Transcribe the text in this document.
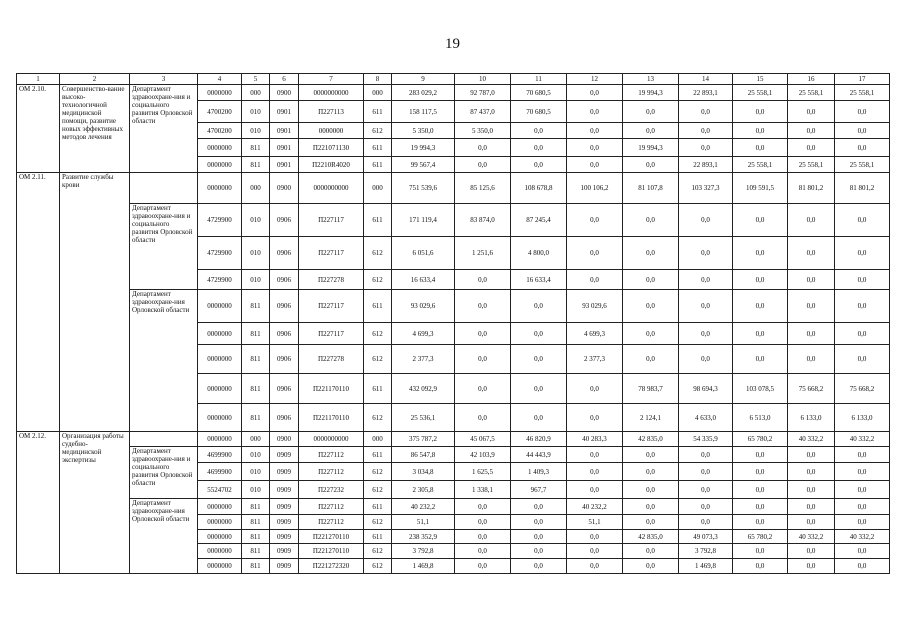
19
1	2	3	4	5	6	7	8	9	10	11	12	13	14	15	16	17
ОМ 2.10.	Совершенство-вание высоко-технологичной медицинской помощи, развитие новых эффективных методов лечения	Департамент здравоохране-ния и социального развития Орловской области	0000000	000	0900	0000000000	000	283 029,2	92 787,0	70 680,5	0,0	19 994,3	22 893,1	25 558,1	25 558,1	25 558,1
			4700200	010	0901	П227113	611	158 117,5	87 437,0	70 680,5	0,0	0,0	0,0	0,0	0,0	0,0
			4700200	010	0901	0000000	612	5 350,0	5 350,0	0,0	0,0	0,0	0,0	0,0	0,0	0,0
			0000000	811	0901	П221071130	611	19 994,3	0,0	0,0	0,0	19 994,3	0,0	0,0	0,0	0,0
			0000000	811	0901	П2210R4020	611	99 567,4	0,0	0,0	0,0	0,0	22 893,1	25 558,1	25 558,1	25 558,1
ОМ 2.11.	Развитие службы крови		0000000	000	0900	0000000000	000	751 539,6	85 125,6	108 678,8	100 106,2	81 107,8	103 327,3	109 591,5	81 801,2	81 801,2
		Департамент здравоохране-ния и социального развития Орловской области	4729900	010	0906	П227117	611	171 119,4	83 874,0	87 245,4	0,0	0,0	0,0	0,0	0,0	0,0
			4729900	010	0906	П227117	612	6 051,6	1 251,6	4 800,0	0,0	0,0	0,0	0,0	0,0	0,0
			4729900	010	0906	П227278	612	16 633,4	0,0	16 633,4	0,0	0,0	0,0	0,0	0,0	0,0
		Департамент здравоохране-ния Орловской области	0000000	811	0906	П227117	611	93 029,6	0,0	0,0	93 029,6	0,0	0,0	0,0	0,0	0,0
			0000000	811	0906	П227117	612	4 699,3	0,0	0,0	4 699,3	0,0	0,0	0,0	0,0	0,0
			0000000	811	0906	П227278	612	2 377,3	0,0	0,0	2 377,3	0,0	0,0	0,0	0,0	0,0
			0000000	811	0906	П221170110	611	432 092,9	0,0	0,0	0,0	78 983,7	98 694,3	103 078,5	75 668,2	75 668,2
			0000000	811	0906	П221170110	612	25 536,1	0,0	0,0	0,0	2 124,1	4 633,0	6 513,0	6 133,0	6 133,0
ОМ 2.12.	Организация работы судебно-медицинской экспертизы		0000000	000	0900	0000000000	000	375 787,2	45 067,5	46 820,9	40 283,3	42 835,0	54 335,9	65 780,2	40 332,2	40 332,2
		Департамент здравоохране-ния и социального развития Орловской области	4699900	010	0909	П227112	611	86 547,8	42 103,9	44 443,9	0,0	0,0	0,0	0,0	0,0	0,0
			4699900	010	0909	П227112	612	3 034,8	1 625,5	1 409,3	0,0	0,0	0,0	0,0	0,0	0,0
			5524702	010	0909	П227232	612	2 305,8	1 338,1	967,7	0,0	0,0	0,0	0,0	0,0	0,0
		Департамент здравоохране-ния Орловской области	0000000	811	0909	П227112	611	40 232,2	0,0	0,0	40 232,2	0,0	0,0	0,0	0,0	0,0
			0000000	811	0909	П227112	612	51,1	0,0	0,0	51,1	0,0	0,0	0,0	0,0	0,0
			0000000	811	0909	П221270110	611	238 352,9	0,0	0,0	0,0	42 835,0	49 073,3	65 780,2	40 332,2	40 332,2
			0000000	811	0909	П221270110	612	3 792,8	0,0	0,0	0,0	0,0	3 792,8	0,0	0,0	0,0
			0000000	811	0909	П221272320	612	1 469,8	0,0	0,0	0,0	0,0	1 469,8	0,0	0,0	0,0
